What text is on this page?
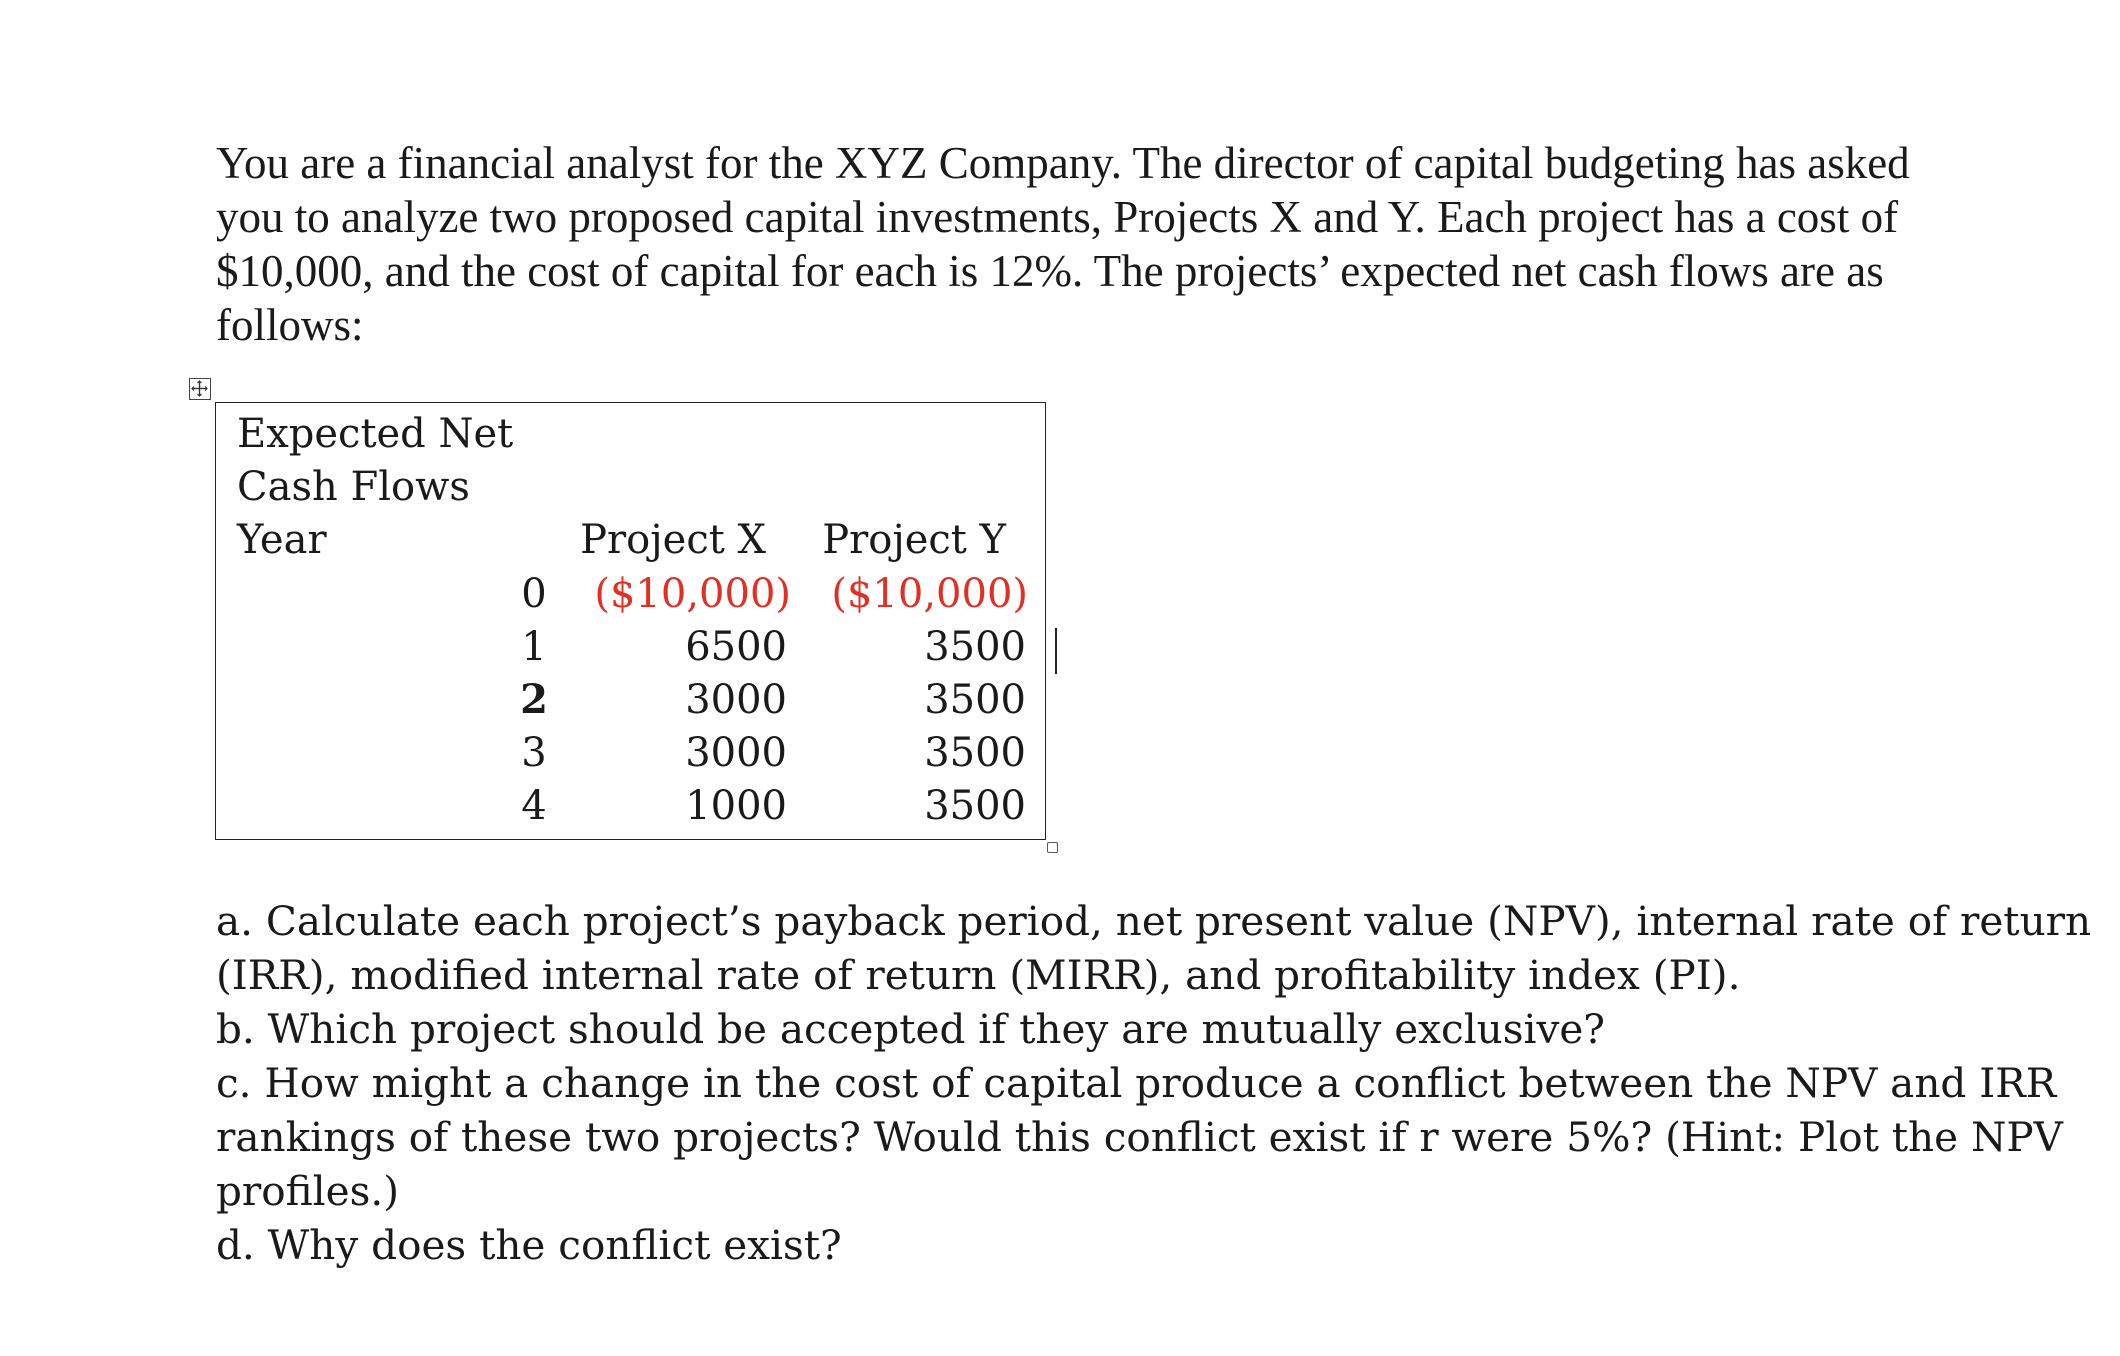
You are a financial analyst for the XYZ Company. The director of capital budgeting has asked
you to analyze two proposed capital investments, Projects X and Y. Each project has a cost of
$10,000, and the cost of capital for each is 12%. The projects’ expected net cash flows are as
follows:
Expected Net
Cash Flows
Year	Project X	Project Y
0	($10,000)	($10,000)
1	6500	3500
2	3000	3500
3	3000	3500
4	1000	3500
a. Calculate each project’s payback period, net present value (NPV), internal rate of return
(IRR), modified internal rate of return (MIRR), and profitability index (PI).
b. Which project should be accepted if they are mutually exclusive?
c. How might a change in the cost of capital produce a conflict between the NPV and IRR
rankings of these two projects? Would this conflict exist if r were 5%? (Hint: Plot the NPV
profiles.)
d. Why does the conflict exist?
